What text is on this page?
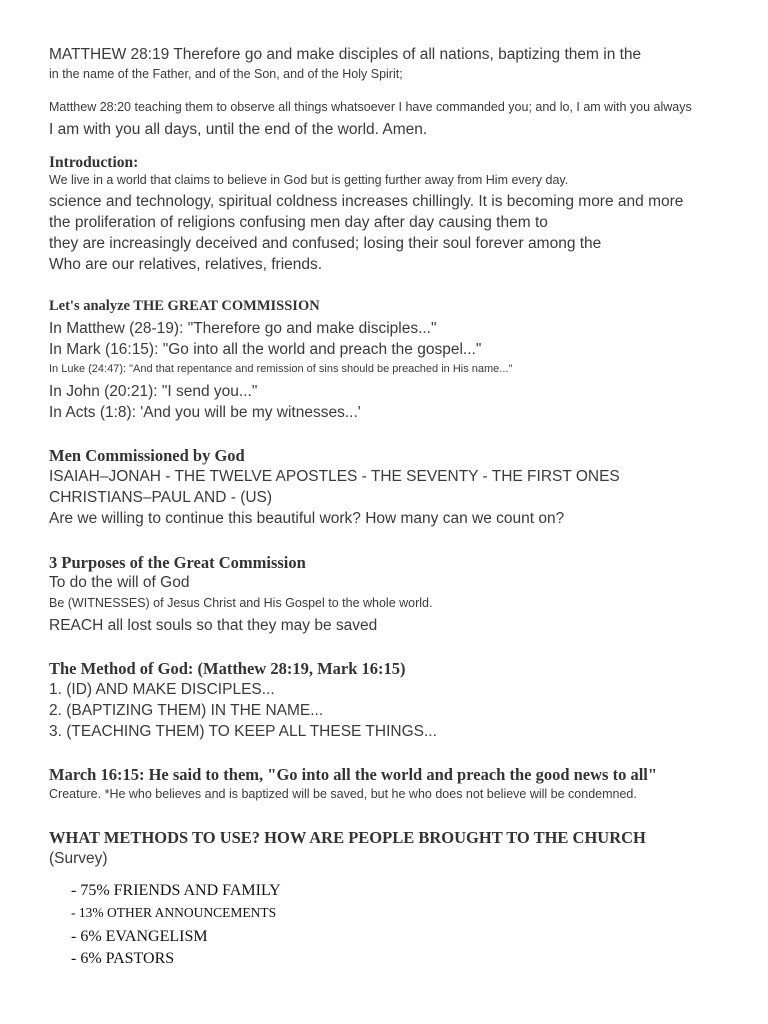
MATTHEW 28:19 Therefore go and make disciples of all nations, baptizing them in the
in the name of the Father, and of the Son, and of the Holy Spirit;
Matthew 28:20 teaching them to observe all things whatsoever I have commanded you; and lo, I am with you always
I am with you all days, until the end of the world. Amen.
Introduction:
We live in a world that claims to believe in God but is getting further away from Him every day.
science and technology, spiritual coldness increases chillingly. It is becoming more and more
the proliferation of religions confusing men day after day causing them to
they are increasingly deceived and confused; losing their soul forever among the
Who are our relatives, relatives, friends.
Let's analyze THE GREAT COMMISSION
In Matthew (28-19): "Therefore go and make disciples..."
In Mark (16:15): "Go into all the world and preach the gospel..."
In Luke (24:47): "And that repentance and remission of sins should be preached in His name..."
In John (20:21): "I send you..."
In Acts (1:8): 'And you will be my witnesses...'
Men Commissioned by God
ISAIAH–JONAH - THE TWELVE APOSTLES - THE SEVENTY - THE FIRST ONES
CHRISTIANS–PAUL AND - (US)
Are we willing to continue this beautiful work? How many can we count on?
3 Purposes of the Great Commission
To do the will of God
Be (WITNESSES) of Jesus Christ and His Gospel to the whole world.
REACH all lost souls so that they may be saved
The Method of God: (Matthew 28:19, Mark 16:15)
1. (ID) AND MAKE DISCIPLES...
2. (BAPTIZING THEM) IN THE NAME...
3. (TEACHING THEM) TO KEEP ALL THESE THINGS...
March 16:15: He said to them, "Go into all the world and preach the good news to all"
Creature. *He who believes and is baptized will be saved, but he who does not believe will be condemned.
WHAT METHODS TO USE? HOW ARE PEOPLE BROUGHT TO THE CHURCH
(Survey)
- 75% FRIENDS AND FAMILY
- 13% OTHER ANNOUNCEMENTS
- 6% EVANGELISM
- 6% PASTORS
